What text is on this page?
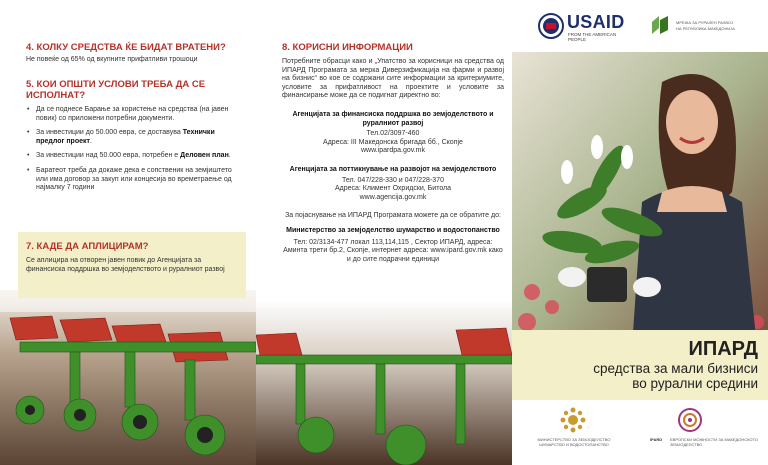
4. КОЛКУ СРЕДСТВА ЌЕ БИДАТ ВРАТЕНИ?
Не повеќе од 65% од вкупните прифатливи трошоци
5. КОИ ОПШТИ УСЛОВИ ТРЕБА ДА СЕ ИСПОЛНАТ?
• Да се поднесе Барање за користење на средства (на јавен повик) со приложени потребни документи.
• За инвестиции до 50.000 евра, се доставува Технички предлог проект.
• За инвестиции над 50.000 евра, потребен е Деловен план.
• Баратеот треба да докаже дека е сопственик на земјиштето или има договор за закуп или концесија во времетраење од најмалку 7 години
7. КАДЕ ДА АПЛИЦИРАМ?
Се аплицира на отворен јавен повик до Агенцијата за финансиска поддршка во земјоделството и руралниот развој
8. КОРИСНИ ИНФОРМАЦИИ
Потребните обрасци како и „Упатство за корисници на средства од ИПАРД Програмата за мерка Диверзификација на фарми и развој на бизнис“ во кое се содржани сите информации за критериумите, условите за прифатливост на проектите и условите за финансирање може да се подигнат директно во:
Агенцијата за финансиска поддршка во земјоделството и руралниот развој
Тел.02/3097-460
Адреса: III Македонска бригада бб., Скопје
www.ipardpa.gov.mk
Агенцијата за поттикнување на развојот на земјоделството
Тел. 047/228-330 и 047/228-370
Адреса: Климент Охридски, Битола
www.agencija.gov.mk
За појаснување на ИПАРД Програмата можете да се обратите до:
Министерство за земјоделство шумарство и водостопанство
Тел: 02/3134-477 локал 113,114,115 , Сектор ИПАРД, адреса: Аминта трети бр.2, Скопје, интернет адреса: www.ipard.gov.mk како и до сите подрачни единици
USAID
FROM THE AMERICAN PEOPLE
МРЕЖА ЗА РУРАЛЕН РАЗВОЈ
НА РЕПУБЛИКА МАКЕДОНИЈА
ИПАРД
средства за мали бизниси
во рурални средини
МИНИСТЕРСТВО ЗА ЗЕМЈОДЕЛСТВО ШУМАРСТВО И ВОДОСТОПАНСТВО
IPARD ЕВРОПСКИ МОЖНОСТИ ЗА МАКЕДОНСКОТО ЗЕМЈОДЕЛСТВО
